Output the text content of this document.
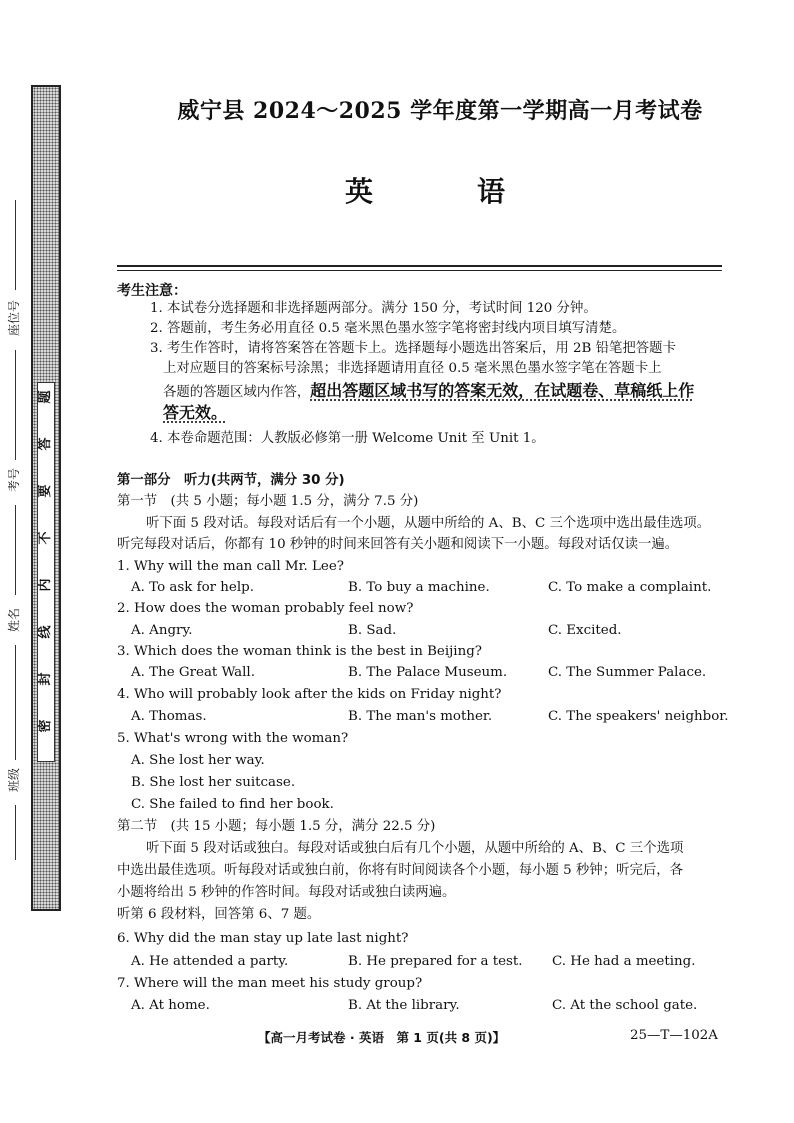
题
答
要
不
内
线
封
密
座位号
考号
姓名
班级
威宁县 2024～2025 学年度第一学期高一月考试卷
英	语
考生注意：
1. 本试卷分选择题和非选择题两部分。满分 150 分，考试时间 120 分钟。
2. 答题前，考生务必用直径 0.5 毫米黑色墨水签字笔将密封线内项目填写清楚。
3. 考生作答时，请将答案答在答题卡上。选择题每小题选出答案后，用 2B 铅笔把答题卡
上对应题目的答案标号涂黑；非选择题请用直径 0.5 毫米黑色墨水签字笔在答题卡上
各题的答题区域内作答，超出答题区域书写的答案无效，在试题卷、草稿纸上作
答无效。
4. 本卷命题范围：人教版必修第一册 Welcome Unit 至 Unit 1。
第一部分　听力(共两节，满分 30 分)
第一节　(共 5 小题；每小题 1.5 分，满分 7.5 分)
听下面 5 段对话。每段对话后有一个小题，从题中所给的 A、B、C 三个选项中选出最佳选项。
听完每段对话后，你都有 10 秒钟的时间来回答有关小题和阅读下一小题。每段对话仅读一遍。
1. Why will the man call Mr. Lee?
A. To ask for help.	B. To buy a machine.	C. To make a complaint.
2. How does the woman probably feel now?
A. Angry.	B. Sad.	C. Excited.
3. Which does the woman think is the best in Beijing?
A. The Great Wall.	B. The Palace Museum.	C. The Summer Palace.
4. Who will probably look after the kids on Friday night?
A. Thomas.	B. The man's mother.	C. The speakers' neighbor.
5. What's wrong with the woman?
A. She lost her way.
B. She lost her suitcase.
C. She failed to find her book.
第二节　(共 15 小题；每小题 1.5 分，满分 22.5 分)
听下面 5 段对话或独白。每段对话或独白后有几个小题，从题中所给的 A、B、C 三个选项
中选出最佳选项。听每段对话或独白前，你将有时间阅读各个小题，每小题 5 秒钟；听完后，各
小题将给出 5 秒钟的作答时间。每段对话或独白读两遍。
听第 6 段材料，回答第 6、7 题。
6. Why did the man stay up late last night?
A. He attended a party.	B. He prepared for a test. C. He had a meeting.
7. Where will the man meet his study group?
A. At home.	B. At the library.	C. At the school gate.
【高一月考试卷 · 英语　第 1 页(共 8 页)】	25—T—102A
